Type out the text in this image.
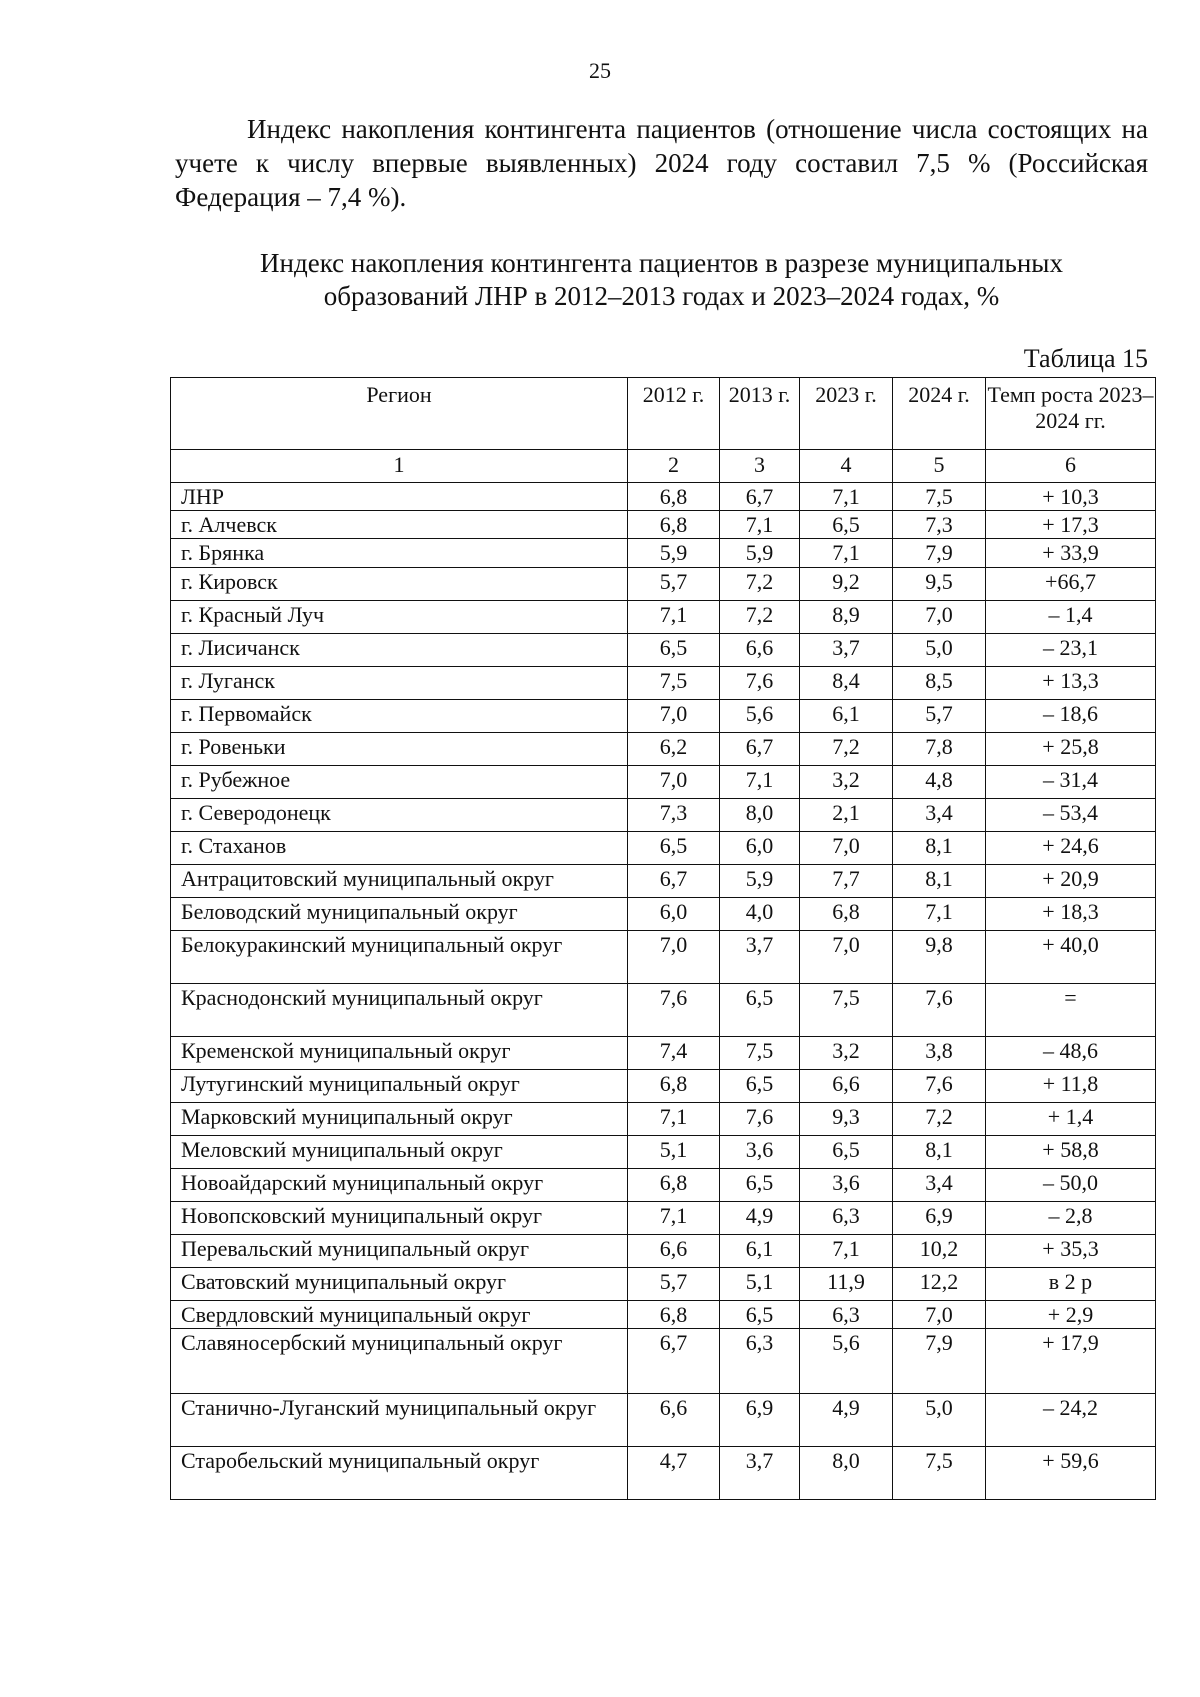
25

Индекс накопления контингента пациентов (отношение числа состоящих на учете к числу впервые выявленных) 2024 году составил 7,5 % (Российская Федерация – 7,4 %).

Индекс накопления контингента пациентов в разрезе муниципальных
образований ЛНР в 2012–2013 годах и 2023–2024 годах, %

Таблица 15
Регион	2012 г.	2013 г.	2023 г.	2024 г.	Темп роста 2023–2024 гг.
1	2	3	4	5	6
ЛНР	6,8	6,7	7,1	7,5	+ 10,3
г. Алчевск	6,8	7,1	6,5	7,3	+ 17,3
г. Брянка	5,9	5,9	7,1	7,9	+ 33,9
г. Кировск	5,7	7,2	9,2	9,5	+66,7
г. Красный Луч	7,1	7,2	8,9	7,0	– 1,4
г. Лисичанск	6,5	6,6	3,7	5,0	– 23,1
г. Луганск	7,5	7,6	8,4	8,5	+ 13,3
г. Первомайск	7,0	5,6	6,1	5,7	– 18,6
г. Ровеньки	6,2	6,7	7,2	7,8	+ 25,8
г. Рубежное	7,0	7,1	3,2	4,8	– 31,4
г. Северодонецк	7,3	8,0	2,1	3,4	– 53,4
г. Стаханов	6,5	6,0	7,0	8,1	+ 24,6
Антрацитовский муниципальный округ	6,7	5,9	7,7	8,1	+ 20,9
Беловодский муниципальный округ	6,0	4,0	6,8	7,1	+ 18,3
Белокуракинский муниципальный округ	7,0	3,7	7,0	9,8	+ 40,0
Краснодонский муниципальный округ	7,6	6,5	7,5	7,6	=
Кременской муниципальный округ	7,4	7,5	3,2	3,8	– 48,6
Лутугинский муниципальный округ	6,8	6,5	6,6	7,6	+ 11,8
Марковский муниципальный округ	7,1	7,6	9,3	7,2	+ 1,4
Меловский муниципальный округ	5,1	3,6	6,5	8,1	+ 58,8
Новоайдарский муниципальный округ	6,8	6,5	3,6	3,4	– 50,0
Новопсковский муниципальный округ	7,1	4,9	6,3	6,9	– 2,8
Перевальский муниципальный округ	6,6	6,1	7,1	10,2	+ 35,3
Сватовский муниципальный округ	5,7	5,1	11,9	12,2	в 2 р
Свердловский муниципальный округ	6,8	6,5	6,3	7,0	+ 2,9
Славяносербский муниципальный округ	6,7	6,3	5,6	7,9	+ 17,9
Станично-Луганский муниципальный округ	6,6	6,9	4,9	5,0	– 24,2
Старобельский муниципальный округ	4,7	3,7	8,0	7,5	+ 59,6
